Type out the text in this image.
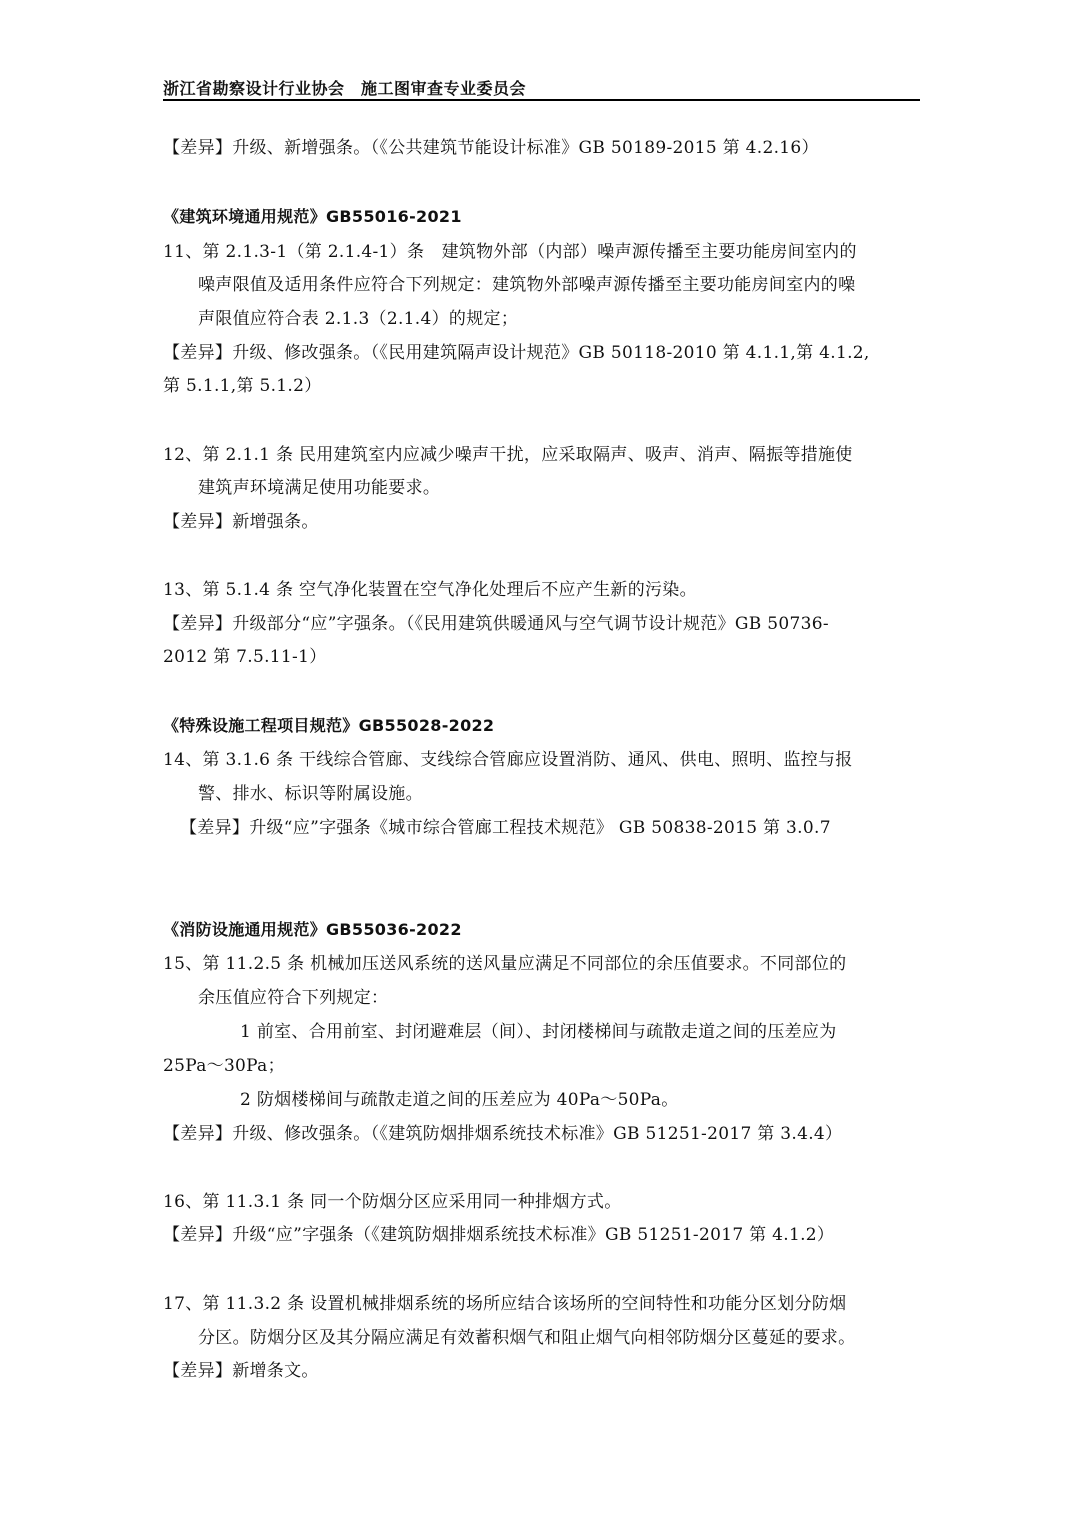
浙江省勘察设计行业协会　施工图审查专业委员会
【差异】升级、新增强条。（《公共建筑节能设计标准》GB 50189-2015 第 4.2.16）
《建筑环境通用规范》GB55016-2021
11、第 2.1.3-1（第 2.1.4-1）条　建筑物外部（内部）噪声源传播至主要功能房间室内的
噪声限值及适用条件应符合下列规定：建筑物外部噪声源传播至主要功能房间室内的噪
声限值应符合表 2.1.3（2.1.4）的规定；
【差异】升级、修改强条。（《民用建筑隔声设计规范》GB 50118-2010 第 4.1.1,第 4.1.2,
第 5.1.1,第 5.1.2）
12、第 2.1.1 条 民用建筑室内应减少噪声干扰，应采取隔声、吸声、消声、隔振等措施使
建筑声环境满足使用功能要求。
【差异】新增强条。
13、第 5.1.4 条 空气净化装置在空气净化处理后不应产生新的污染。
【差异】升级部分“应”字强条。（《民用建筑供暖通风与空气调节设计规范》GB 50736-
2012 第 7.5.11-1）
《特殊设施工程项目规范》GB55028-2022
14、第 3.1.6 条 干线综合管廊、支线综合管廊应设置消防、通风、供电、照明、监控与报
警、排水、标识等附属设施。
【差异】升级“应”字强条《城市综合管廊工程技术规范》 GB 50838-2015 第 3.0.7
《消防设施通用规范》GB55036-2022
15、第 11.2.5 条 机械加压送风系统的送风量应满足不同部位的余压值要求。不同部位的
余压值应符合下列规定：
1 前室、合用前室、封闭避难层（间）、封闭楼梯间与疏散走道之间的压差应为
25Pa～30Pa；
2 防烟楼梯间与疏散走道之间的压差应为 40Pa～50Pa。
【差异】升级、修改强条。（《建筑防烟排烟系统技术标准》GB 51251-2017 第 3.4.4）
16、第 11.3.1 条 同一个防烟分区应采用同一种排烟方式。
【差异】升级“应”字强条（《建筑防烟排烟系统技术标准》GB 51251-2017 第 4.1.2）
17、第 11.3.2 条 设置机械排烟系统的场所应结合该场所的空间特性和功能分区划分防烟
分区。防烟分区及其分隔应满足有效蓄积烟气和阻止烟气向相邻防烟分区蔓延的要求。
【差异】新增条文。
